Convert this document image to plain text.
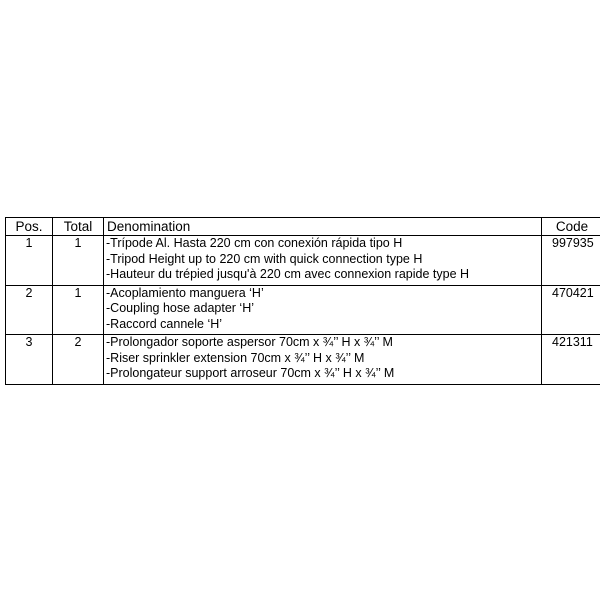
Pos.	Total	Denomination	Code
1	1	-Trípode Al. Hasta 220 cm con conexión rápida tipo H
-Tripod Height up to 220 cm with quick connection type H
-Hauteur du trépied jusqu'à 220 cm avec connexion rapide type H	997935
2	1	-Acoplamiento manguera ‘H’
-Coupling hose adapter ‘H’
-Raccord cannele ‘H’	470421
3	2	-Prolongador soporte aspersor 70cm x ¾’’ H x ¾’’ M
-Riser sprinkler extension 70cm x ¾’’ H x ¾’’ M
-Prolongateur support arroseur 70cm x ¾’’ H x ¾’’ M	421311
